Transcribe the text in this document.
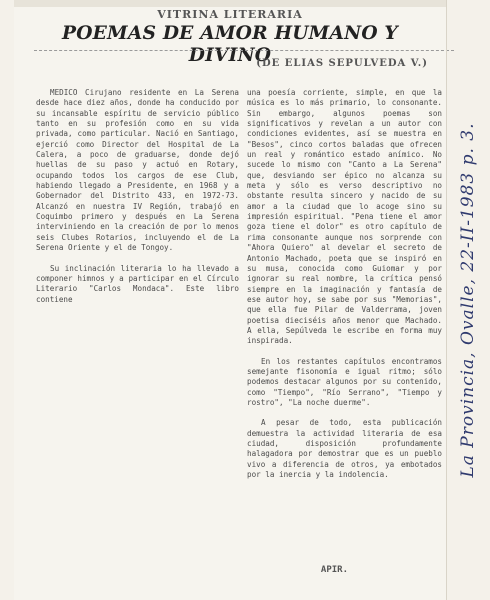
VITRINA LITERARIA
POEMAS DE AMOR HUMANO Y DIVINO
(DE ELIAS SEPULVEDA V.)

MEDICO Cirujano residente en La Serena desde hace diez años, donde ha conducido por su incansable espíritu de servicio público tanto en su profesión como en su vida privada, como particular. Nació en Santiago, ejerció como Director del Hospital de La Calera, a poco de graduarse, donde dejó huellas de su paso y actuó en Rotary, ocupando todos los cargos de ese Club, habiendo llegado a Presidente, en 1968 y a Gobernador del Distrito 433, en 1972-73. Alcanzó en nuestra IV Región, trabajó en Coquimbo primero y después en La Serena interviniendo en la creación de por lo menos seis Clubes Rotarios, incluyendo el de La Serena Oriente y el de Tongoy.

Su inclinación literaria lo ha llevado a componer himnos y a participar en el Círculo Literario "Carlos Mondaca". Este libro contiene

una poesía corriente, simple, en que la música es lo más primario, lo consonante. Sin embargo, algunos poemas son significativos y revelan a un autor con condiciones evidentes, así se muestra en "Besos", cinco cortos baladas que ofrecen un real y romántico estado anímico. No sucede lo mismo con "Canto a La Serena" que, desviando ser épico no alcanza su meta y sólo es verso descriptivo no obstante resulta sincero y nacido de su amor a la ciudad que lo acoge sino su impresión espiritual. "Pena tiene el amor goza tiene el dolor" es otro capítulo de rima consonante aunque nos sorprende con "Ahora Quiero" al develar el secreto de Antonio Machado, poeta que se inspiró en su musa, conocida como Guiomar y por ignorar su real nombre, la crítica pensó siempre en la imaginación y fantasía de ese autor hoy, se sabe por sus "Memorias", que ella fue Pilar de Valderrama, joven poetisa dieciséis años menor que Machado. A ella, Sepúlveda le escribe en forma muy inspirada.

En los restantes capítulos encontramos semejante fisonomía e igual ritmo; sólo podemos destacar algunos por su contenido, como "Tiempo", "Río Serrano", "Tiempo y rostro", "La noche duerme".

A pesar de todo, esta publicación demuestra la actividad literaria de esa ciudad, disposición profundamente halagadora por demostrar que es un pueblo vivo a diferencia de otros, ya embotados por la inercia y la indolencia.

APIR.
La Provincia, Ovalle, 22-II-1983 p. 3.
